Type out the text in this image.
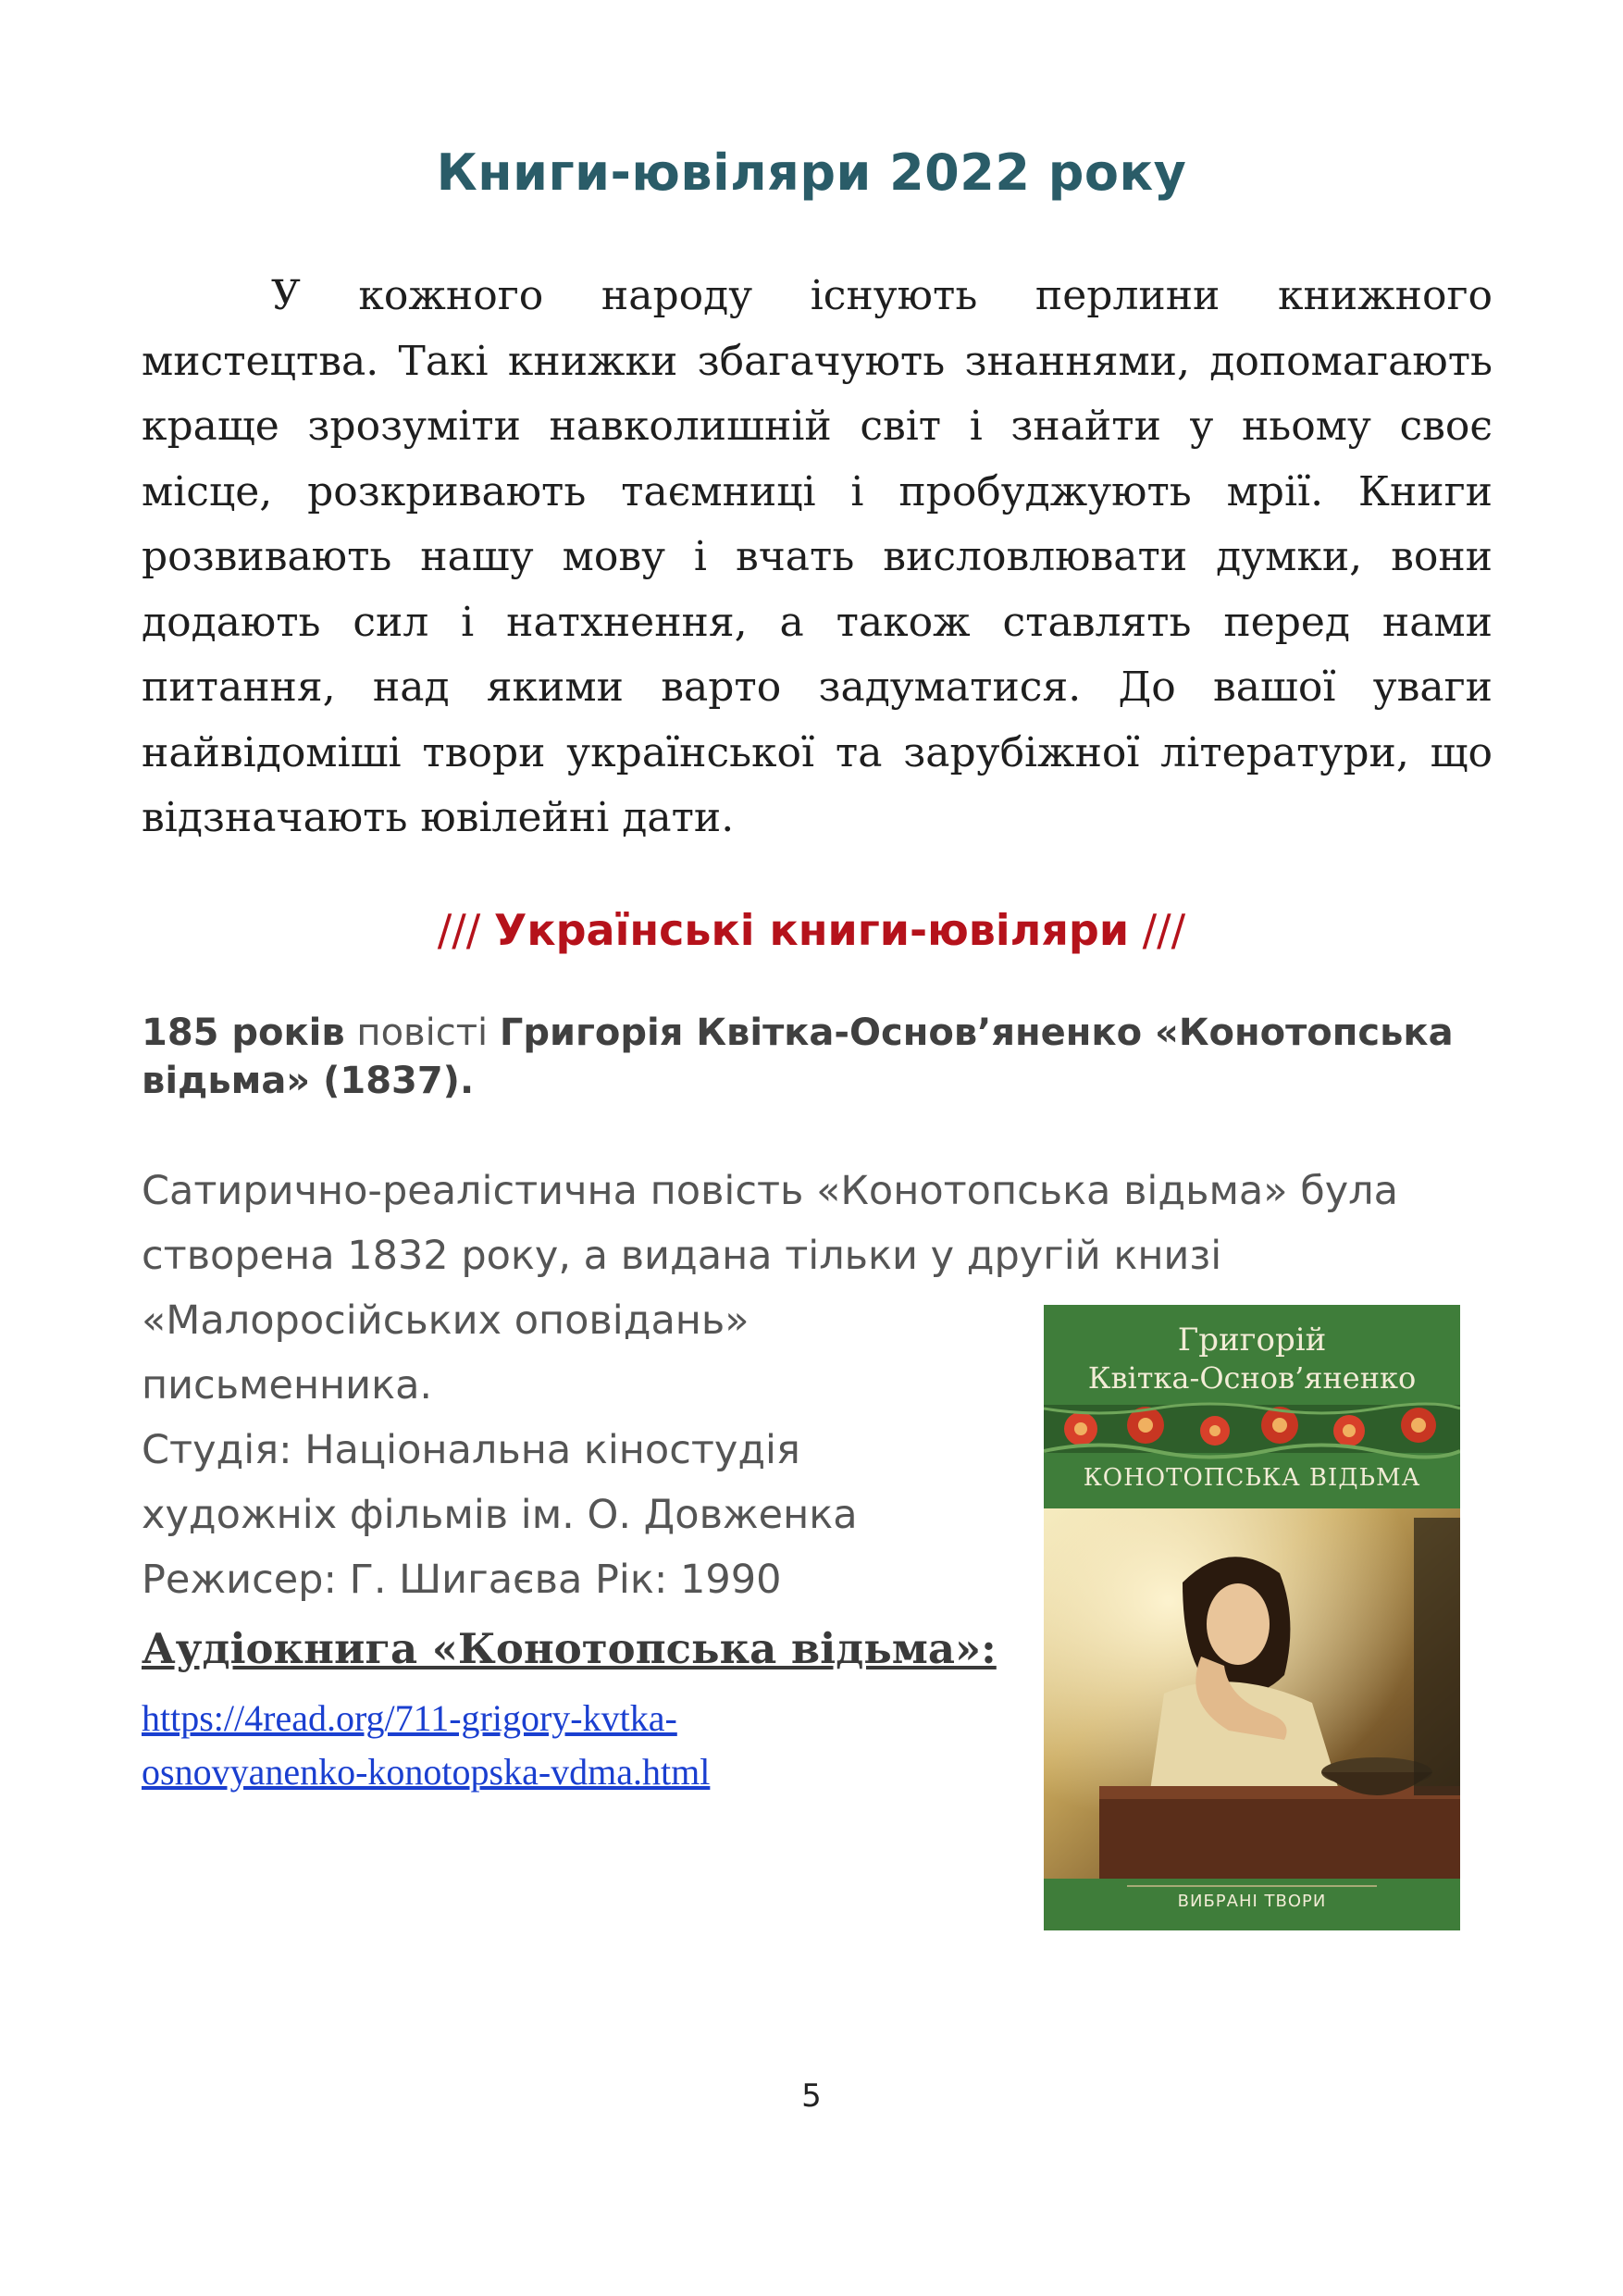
Книги-ювіляри 2022 року

У кожного народу існують перлини книжного мистецтва. Такі книжки збагачують знаннями, допомагають краще зрозуміти навколишній світ і знайти у ньому своє місце, розкривають таємниці і пробуджують мрії. Книги розвивають нашу мову і вчать висловлювати думки, вони додають сил і натхнення, а також ставлять перед нами питання, над якими варто задуматися. До вашої уваги найвідоміші твори української та зарубіжної літератури, що відзначають ювілейні дати.

/// Українські книги-ювіляри ///
185 років повісті Григорія Квітка-Основ’яненко «Конотопська відьма» (1837).
Сатирично-реалістична повість «Конотопська відьма» була
створена 1832 року, а видана тільки у другій книзі
«Малоросійських оповідань»
письменника.
Студія: Національна кіностудія
художніх фільмів ім. О. Довженка
Режисер: Г. Шигаєва Рік: 1990
Аудіокнига «Конотопська відьма»:
https://4read.org/711-grigory-kvtka-
osnovyanenko-konotopska-vdma.html
Григорій
Квітка-Основ’яненко
КОНОТОПСЬКА ВІДЬМА
ВИБРАНІ ТВОРИ
5
